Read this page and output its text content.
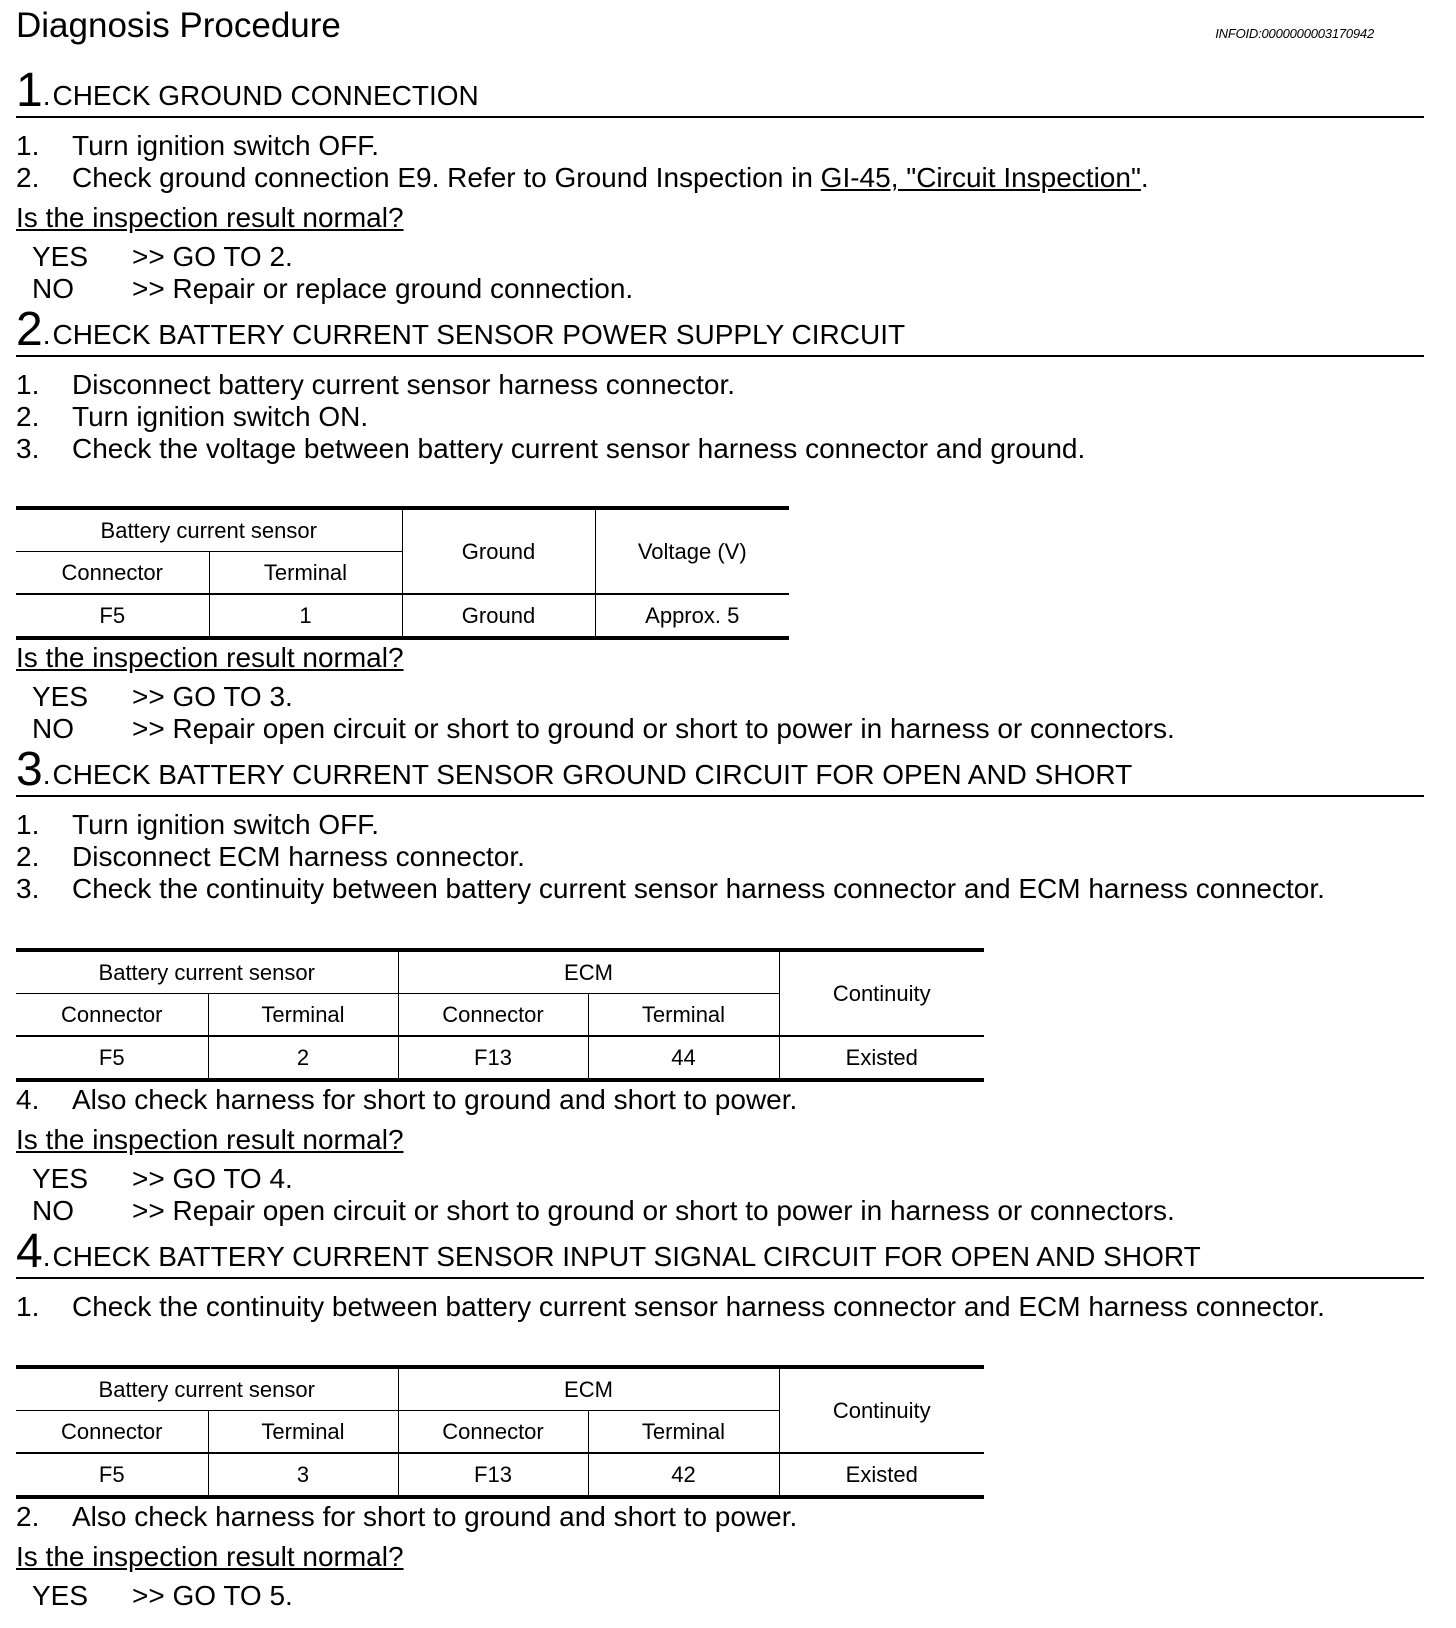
Diagnosis Procedure	INFOID:0000000003170942
1.CHECK GROUND CONNECTION
1. Turn ignition switch OFF.
2. Check ground connection E9. Refer to Ground Inspection in GI-45, "Circuit Inspection".
Is the inspection result normal?
YES >> GO TO 2.
NO >> Repair or replace ground connection.
2.CHECK BATTERY CURRENT SENSOR POWER SUPPLY CIRCUIT
1. Disconnect battery current sensor harness connector.
2. Turn ignition switch ON.
3. Check the voltage between battery current sensor harness connector and ground.
Battery current sensor		Ground	Voltage (V)
Connector	Terminal		
F5	1	Ground	Approx. 5
Is the inspection result normal?
YES >> GO TO 3.
NO >> Repair open circuit or short to ground or short to power in harness or connectors.
3.CHECK BATTERY CURRENT SENSOR GROUND CIRCUIT FOR OPEN AND SHORT
1. Turn ignition switch OFF.
2. Disconnect ECM harness connector.
3. Check the continuity between battery current sensor harness connector and ECM harness connector.
Battery current sensor		ECM		Continuity
Connector	Terminal	Connector	Terminal	
F5	2	F13	44	Existed
4. Also check harness for short to ground and short to power.
Is the inspection result normal?
YES >> GO TO 4.
NO >> Repair open circuit or short to ground or short to power in harness or connectors.
4.CHECK BATTERY CURRENT SENSOR INPUT SIGNAL CIRCUIT FOR OPEN AND SHORT
1. Check the continuity between battery current sensor harness connector and ECM harness connector.
Battery current sensor		ECM		Continuity
Connector	Terminal	Connector	Terminal	
F5	3	F13	42	Existed
2. Also check harness for short to ground and short to power.
Is the inspection result normal?
YES >> GO TO 5.
